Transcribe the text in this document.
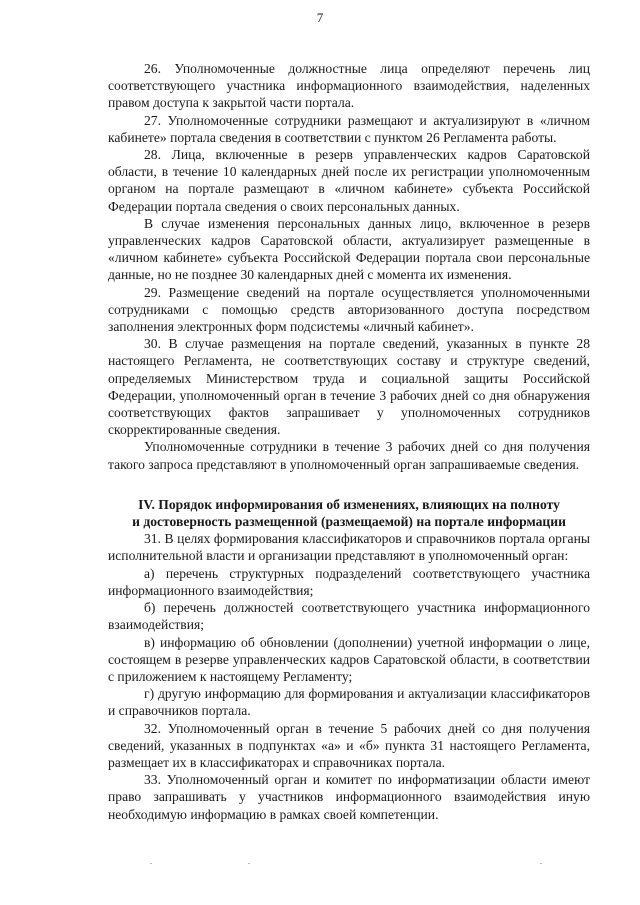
7

26. Уполномоченные должностные лица определяют перечень лиц соответствующего участника информационного взаимодействия, наделенных правом доступа к закрытой части портала.

27. Уполномоченные сотрудники размещают и актуализируют в «личном кабинете» портала сведения в соответствии с пунктом 26 Регламента работы.

28. Лица, включенные в резерв управленческих кадров Саратовской области, в течение 10 календарных дней после их регистрации уполномоченным органом на портале размещают в «личном кабинете» субъекта Российской Федерации портала сведения о своих персональных данных.

В случае изменения персональных данных лицо, включенное в резерв управленческих кадров Саратовской области, актуализирует размещенные в «личном кабинете» субъекта Российской Федерации портала свои персональные данные, но не позднее 30 календарных дней с момента их изменения.

29. Размещение сведений на портале осуществляется уполномоченными сотрудниками с помощью средств авторизованного доступа посредством заполнения электронных форм подсистемы «личный кабинет».

30. В случае размещения на портале сведений, указанных в пункте 28 настоящего Регламента, не соответствующих составу и структуре сведений, определяемых Министерством труда и социальной защиты Российской Федерации, уполномоченный орган в течение 3 рабочих дней со дня обнаружения соответствующих фактов запрашивает у уполномоченных сотрудников скорректированные сведения.

Уполномоченные сотрудники в течение 3 рабочих дней со дня получения такого запроса представляют в уполномоченный орган запрашиваемые сведения.

IV. Порядок информирования об изменениях, влияющих на полноту
и достоверность размещенной (размещаемой) на портале информации

31. В целях формирования классификаторов и справочников портала органы исполнительной власти и организации представляют в уполномоченный орган:

а) перечень структурных подразделений соответствующего участника информационного взаимодействия;

б) перечень должностей соответствующего участника информационного взаимодействия;

в) информацию об обновлении (дополнении) учетной информации о лице, состоящем в резерве управленческих кадров Саратовской области, в соответствии с приложением к настоящему Регламенту;

г) другую информацию для формирования и актуализации классификаторов и справочников портала.

32. Уполномоченный орган в течение 5 рабочих дней со дня получения сведений, указанных в подпунктах «а» и «б» пункта 31 настоящего Регламента, размещает их в классификаторах и справочниках портала.

33. Уполномоченный орган и комитет по информатизации области имеют право запрашивать у участников информационного взаимодействия иную необходимую информацию в рамках своей компетенции.
